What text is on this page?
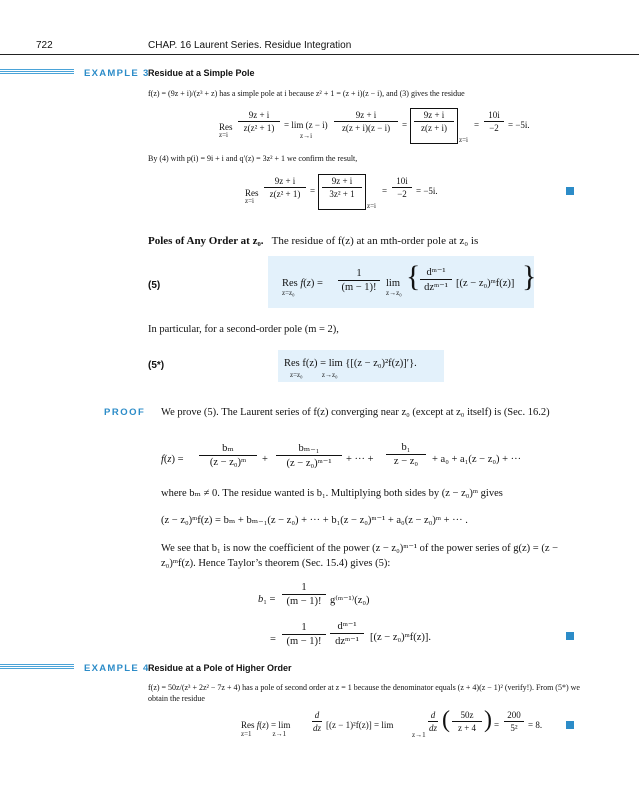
722	CHAP. 16 Laurent Series. Residue Integration
EXAMPLE 3
Residue at a Simple Pole
f(z) = (9z + i)/(z³ + z) has a simple pole at i because z² + 1 = (z + i)(z − i), and (3) gives the residue
Res
z=i
9z + i
z(z² + 1)	= lim (z − i)
z→i
9z + i
z(z + i)(z − i)	=
9z + i
z(z + i)
z=i
=
10i
−2	= −5i.
By (4) with p(i) = 9i + i and q′(z) = 3z² + 1 we confirm the result,
Res
z=i
9z + i
z(z² + 1)	=
9z + i
3z² + 1
z=i
=
10i
−2	= −5i.
Poles of Any Order at z₀. The residue of f(z) at an mth-order pole at z₀ is
(5)	Res f(z) =
z=z₀
1
(m − 1)! lim
z→z₀ { dᵐ⁻¹
dzᵐ⁻¹ [(z − z₀)ᵐf(z)] }
In particular, for a second-order pole (m = 2),
(5*)	Res f(z) = lim {[(z − z₀)²f(z)]′}.
z=z₀           z→z₀
PROOF We prove (5). The Laurent series of f(z) converging near z₀ (except at z₀ itself) is (Sec. 16.2)
f(z) =
bₘ
(z − z₀)ᵐ	+
bₘ₋₁
(z − z₀)ᵐ⁻¹	+ ··· +
b₁
z − z₀	+ a₀ + a₁(z − z₀) + ···
where bₘ ≠ 0. The residue wanted is b₁. Multiplying both sides by (z − z₀)ᵐ gives
(z − z₀)ᵐf(z) = bₘ + bₘ₋₁(z − z₀) + ··· + b₁(z − z₀)ᵐ⁻¹ + a₀(z − z₀)ᵐ + ··· .
We see that b₁ is now the coefficient of the power (z − z₀)ᵐ⁻¹ of the power series of g(z) = (z − z₀)ᵐf(z). Hence Taylor’s theorem (Sec. 15.4) gives (5):
b₁ =
1
(m − 1)! g⁽ᵐ⁻¹⁾(z₀)
=
1
(m − 1)!
dᵐ⁻¹
dzᵐ⁻¹	[(z − z₀)ᵐf(z)].
EXAMPLE 4
Residue at a Pole of Higher Order
f(z) = 50z/(z³ + 2z² − 7z + 4) has a pole of second order at z = 1 because the denominator equals (z + 4)(z − 1)² (verify!). From (5*) we obtain the residue
Res f(z) = lim
z=1            z→1
d
dz [(z − 1)²f(z)] = lim
z→1
d
dz (	50z
z + 4 ) =
200
5²	= 8.
